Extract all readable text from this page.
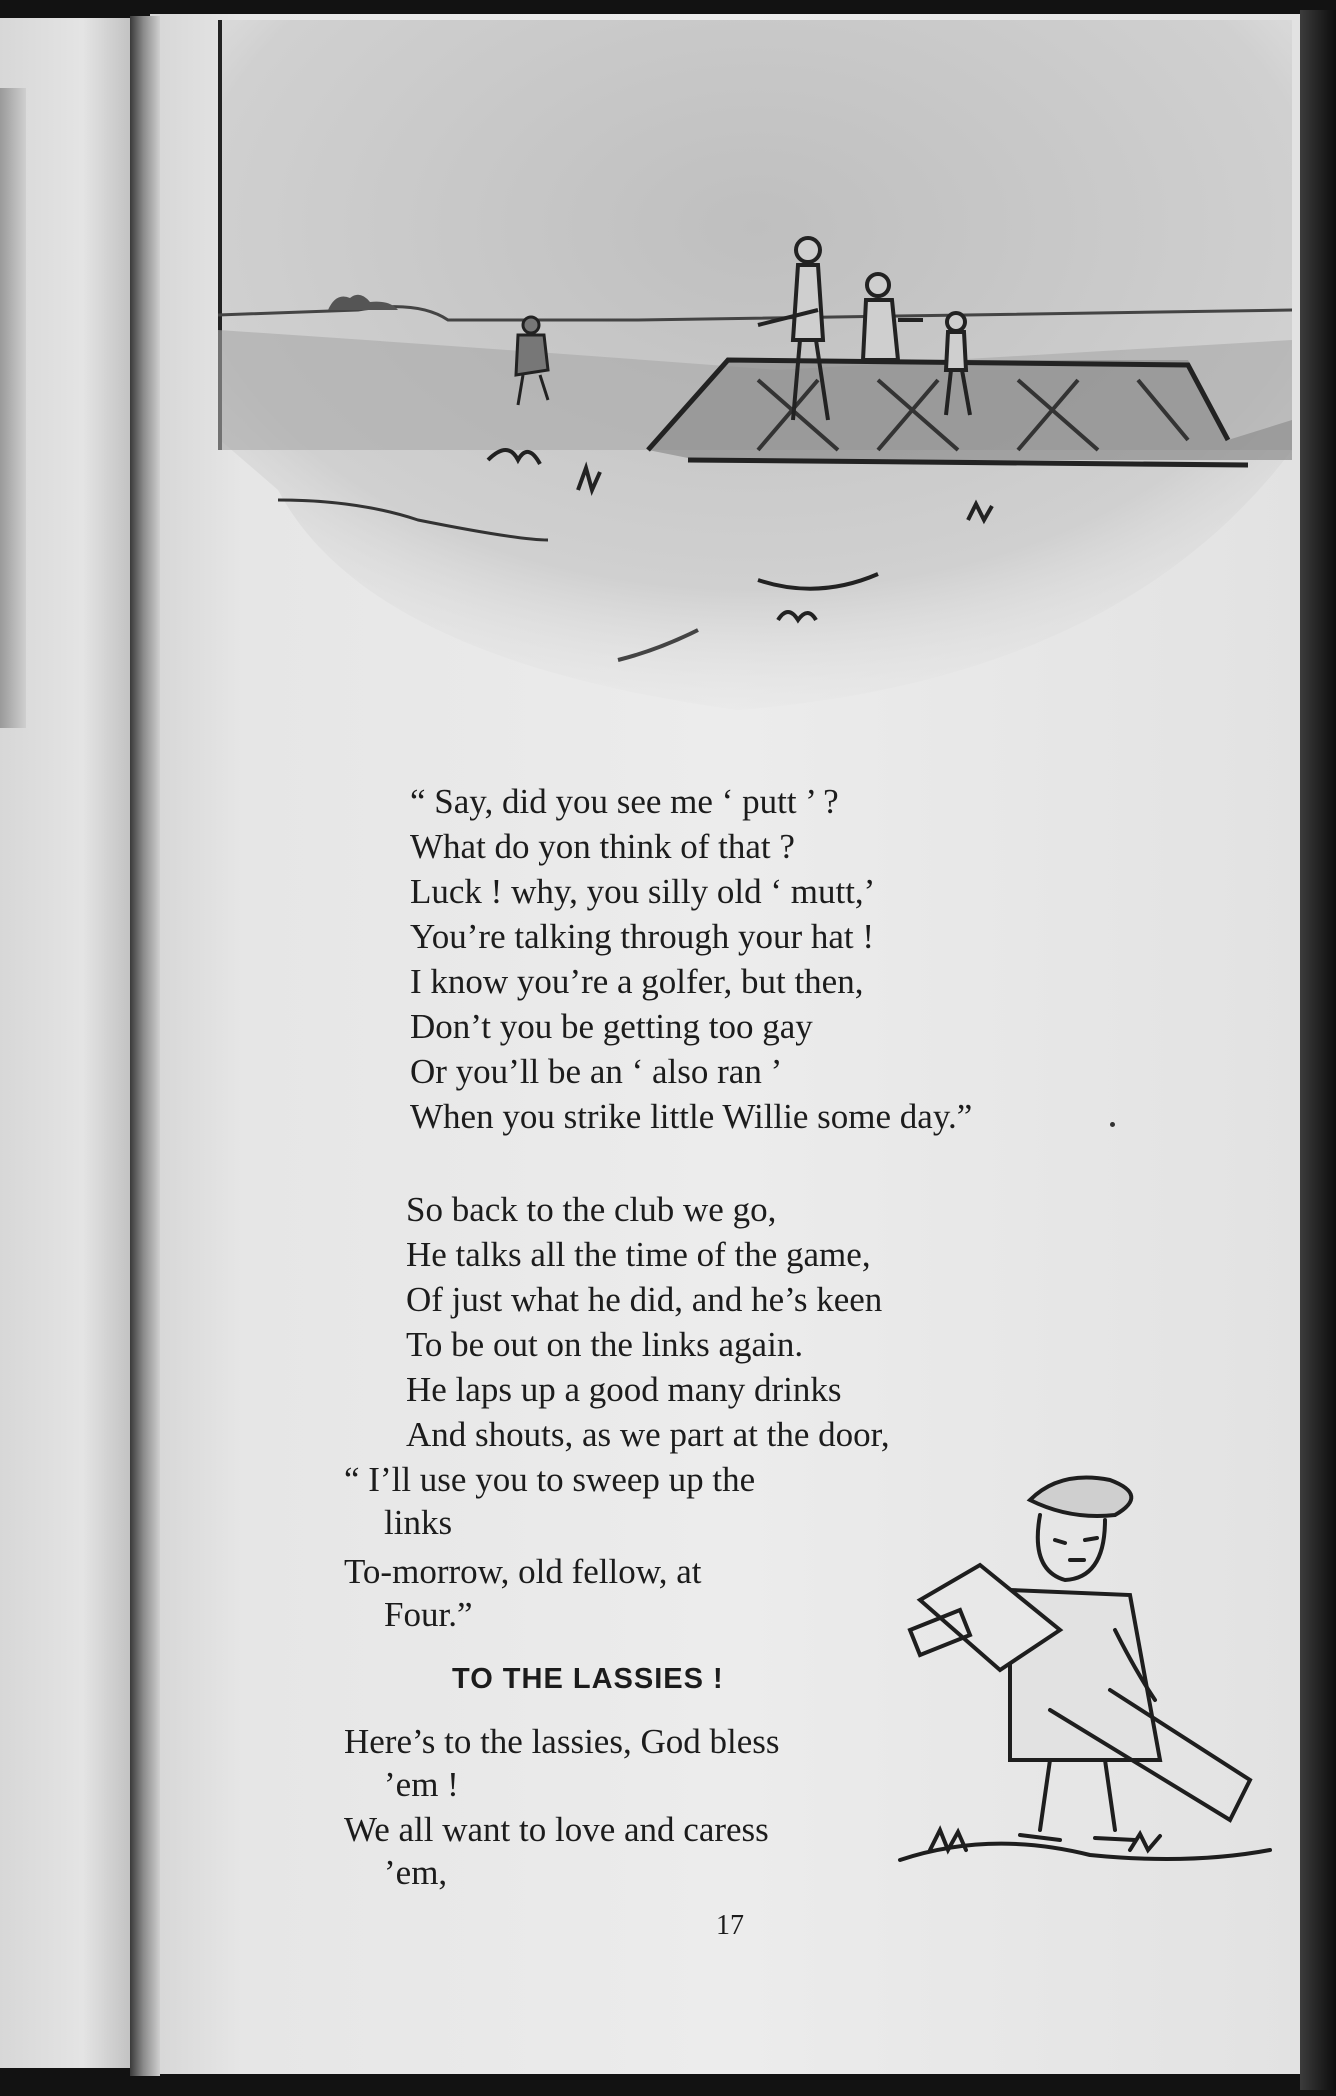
“ Say, did you see me ‘ putt ’ ?
What do yon think of that ?
Luck ! why, you silly old ‘ mutt,’
You’re talking through your hat !
I know you’re a golfer, but then,
Don’t you be getting too gay
Or you’ll be an ‘ also ran ’
When you strike little Willie some day.”
So back to the club we go,
He talks all the time of the game,
Of just what he did, and he’s keen
To be out on the links again.
He laps up a good many drinks
And shouts, as we part at the door,
“ I’ll use you to sweep up the
links
To-morrow, old fellow, at
Four.”
TO THE LASSIES !
Here’s to the lassies, God bless
’em !
We all want to love and caress
’em,
17
